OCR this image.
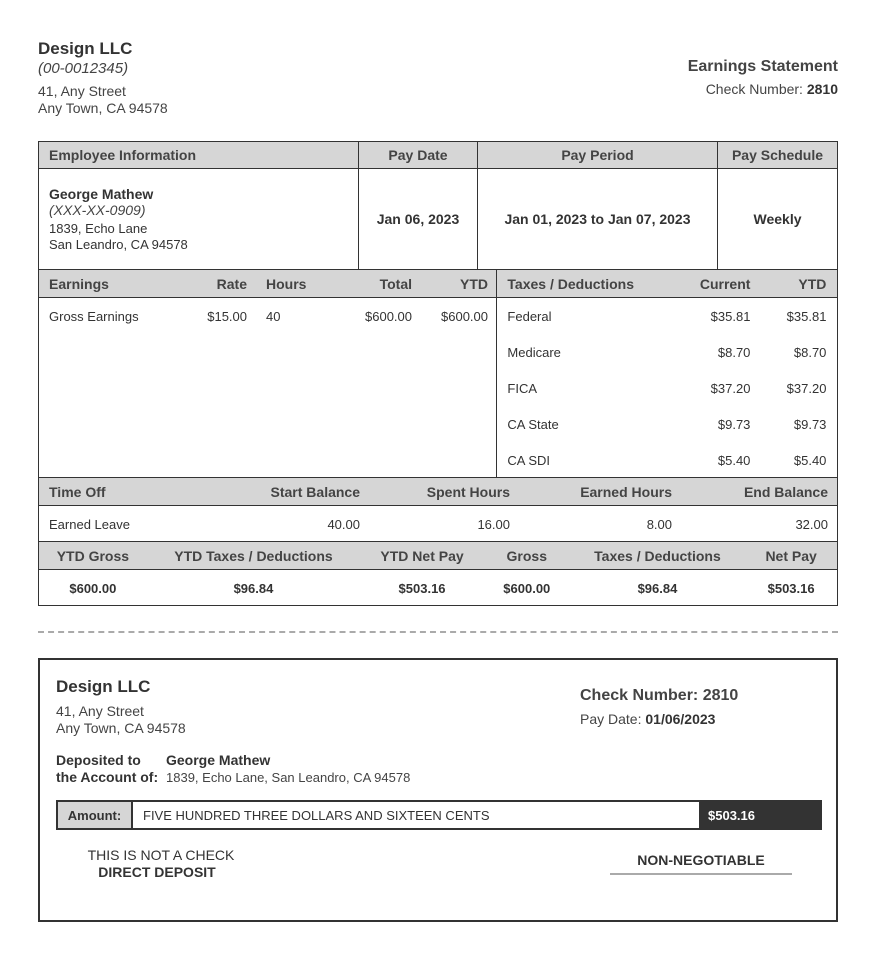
Design LLC
(00-0012345)
41, Any Street
Any Town, CA 94578
Earnings Statement
Check Number: 2810
Employee Information	Pay Date	Pay Period	Pay Schedule
George Mathew
(XXX-XX-0909)
1839, Echo Lane
San Leandro, CA 94578
Jan 06, 2023	Jan 01, 2023 to Jan 07, 2023	Weekly
Earnings	Rate	Hours	Total	YTD
Gross Earnings	$15.00	40	$600.00	$600.00
Taxes / Deductions	Current	YTD
Federal	$35.81	$35.81
Medicare	$8.70	$8.70
FICA	$37.20	$37.20
CA State	$9.73	$9.73
CA SDI	$5.40	$5.40
Time Off	Start Balance	Spent Hours	Earned Hours	End Balance
Earned Leave	40.00	16.00	8.00	32.00
YTD Gross	YTD Taxes / Deductions	YTD Net Pay	Gross	Taxes / Deductions	Net Pay
$600.00	$96.84	$503.16	$600.00	$96.84	$503.16
Design LLC
41, Any Street
Any Town, CA 94578
Check Number: 2810
Pay Date: 01/06/2023
Deposited to
the Account of:
George Mathew
1839, Echo Lane, San Leandro, CA 94578
Amount:	FIVE HUNDRED THREE DOLLARS AND SIXTEEN CENTS	$503.16
THIS IS NOT A CHECK
DIRECT DEPOSIT
NON-NEGOTIABLE
